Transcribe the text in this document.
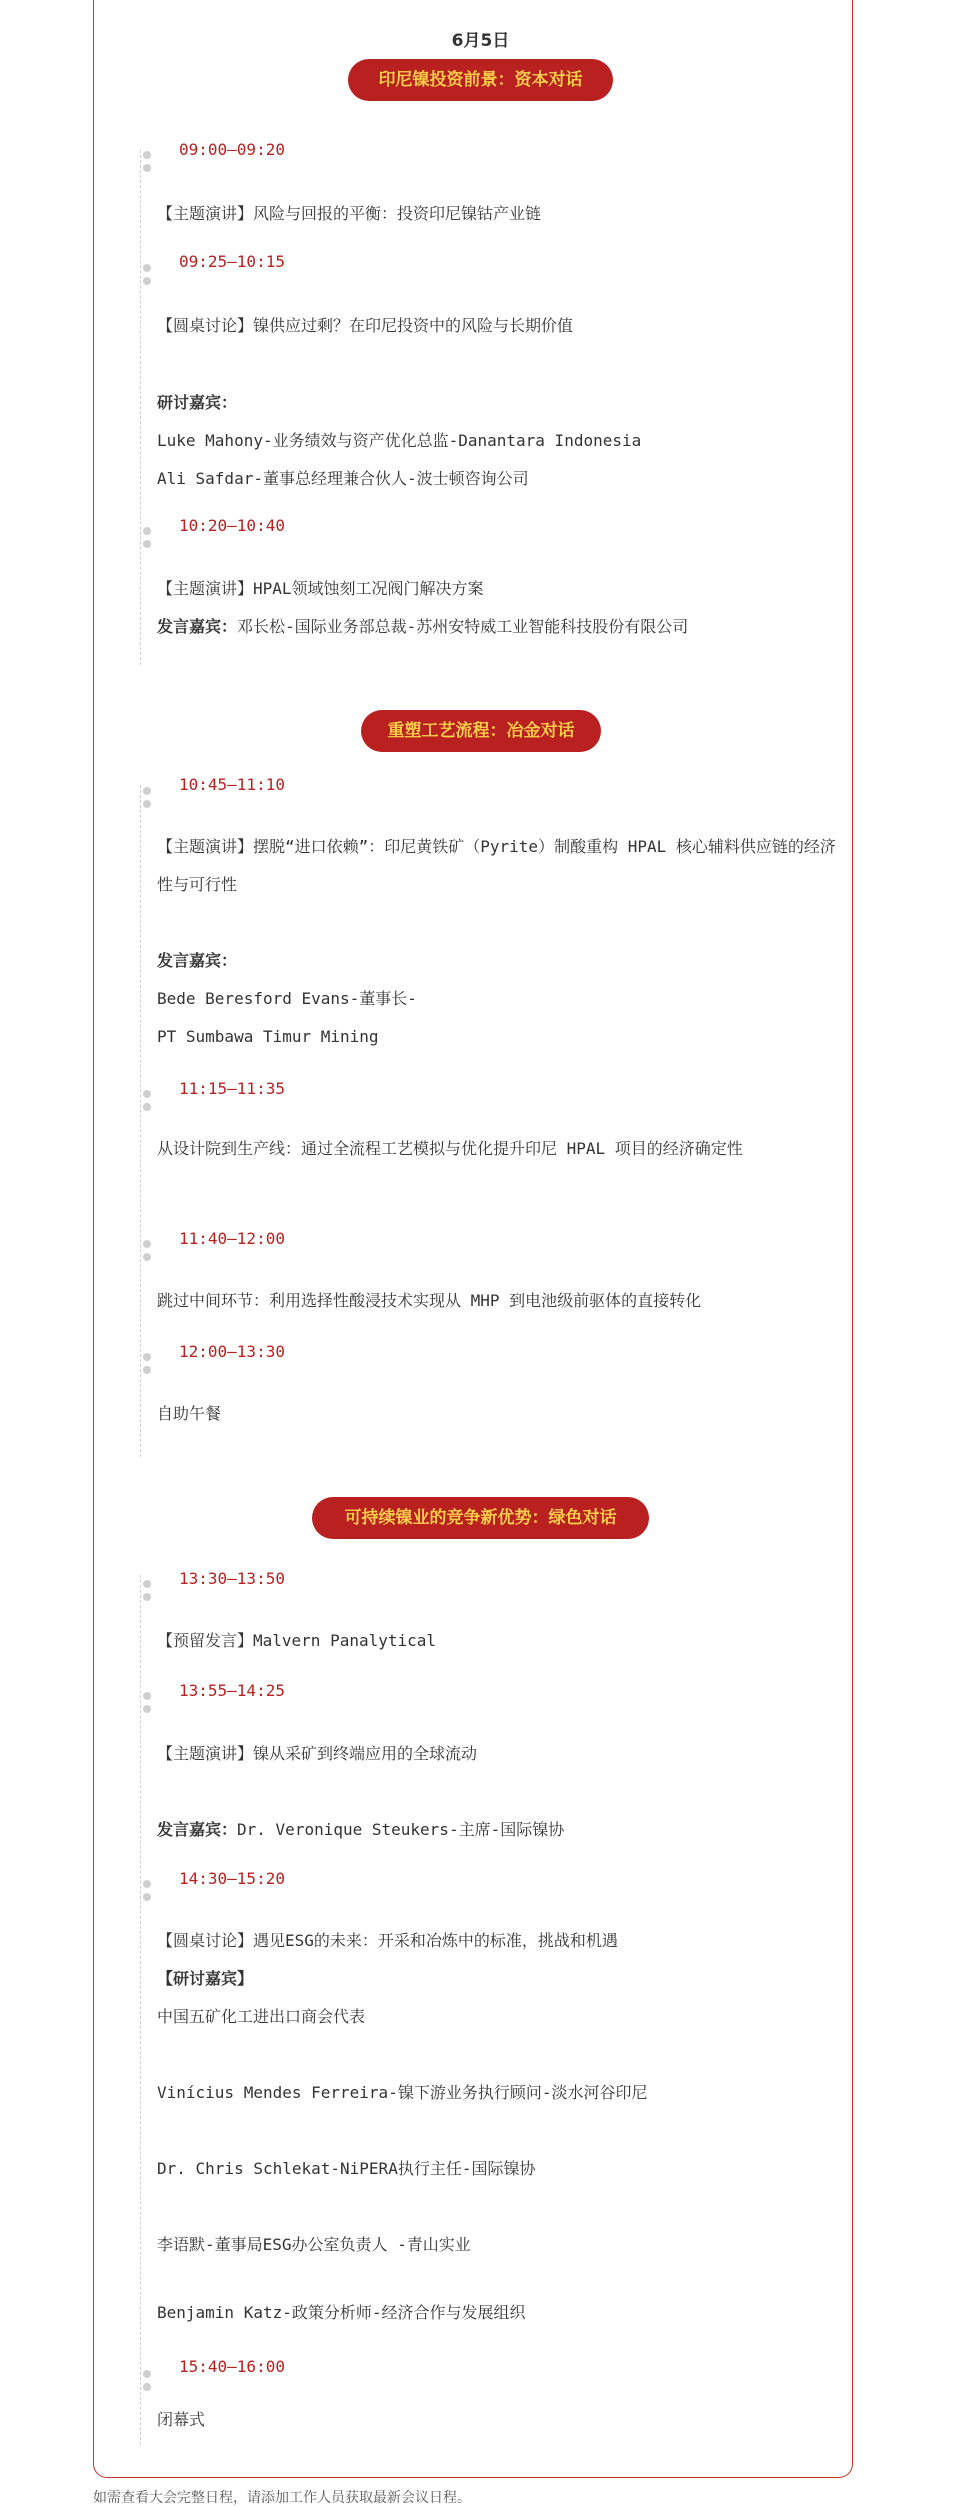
6月5日
印尼镍投资前景：资本对话
重塑工艺流程：冶金对话
可持续镍业的竞争新优势：绿色对话
09:00–09:20
09:25–10:15
10:20–10:40
10:45–11:10
11:15–11:35
11:40–12:00
12:00–13:30
13:30–13:50
13:55–14:25
14:30–15:20
15:40–16:00
【主题演讲】风险与回报的平衡：投资印尼镍钴产业链
【圆桌讨论】镍供应过剩？在印尼投资中的风险与长期价值
研讨嘉宾：
Luke Mahony-业务绩效与资产优化总监-Danantara Indonesia
Ali Safdar-董事总经理兼合伙人-波士顿咨询公司
【主题演讲】HPAL领域蚀刻工况阀门解决方案
发言嘉宾：邓长松-国际业务部总裁-苏州安特威工业智能科技股份有限公司
【主题演讲】摆脱“进口依赖”：印尼黄铁矿（Pyrite）制酸重构 HPAL 核心辅料供应链的经济性与可行性
发言嘉宾：
Bede Beresford Evans-董事长-
PT Sumbawa Timur Mining
从设计院到生产线：通过全流程工艺模拟与优化提升印尼 HPAL 项目的经济确定性
跳过中间环节：利用选择性酸浸技术实现从 MHP 到电池级前驱体的直接转化
自助午餐
【预留发言】Malvern Panalytical
【主题演讲】镍从采矿到终端应用的全球流动
发言嘉宾：Dr. Veronique Steukers-主席-国际镍协
【圆桌讨论】遇见ESG的未来：开采和冶炼中的标准，挑战和机遇
【研讨嘉宾】
中国五矿化工进出口商会代表
Vinícius Mendes Ferreira-镍下游业务执行顾问-淡水河谷印尼
Dr. Chris Schlekat-NiPERA执行主任-国际镍协
李语默-董事局ESG办公室负责人 -青山实业
Benjamin Katz-政策分析师-经济合作与发展组织
闭幕式
如需查看大会完整日程，请添加工作人员获取最新会议日程。
